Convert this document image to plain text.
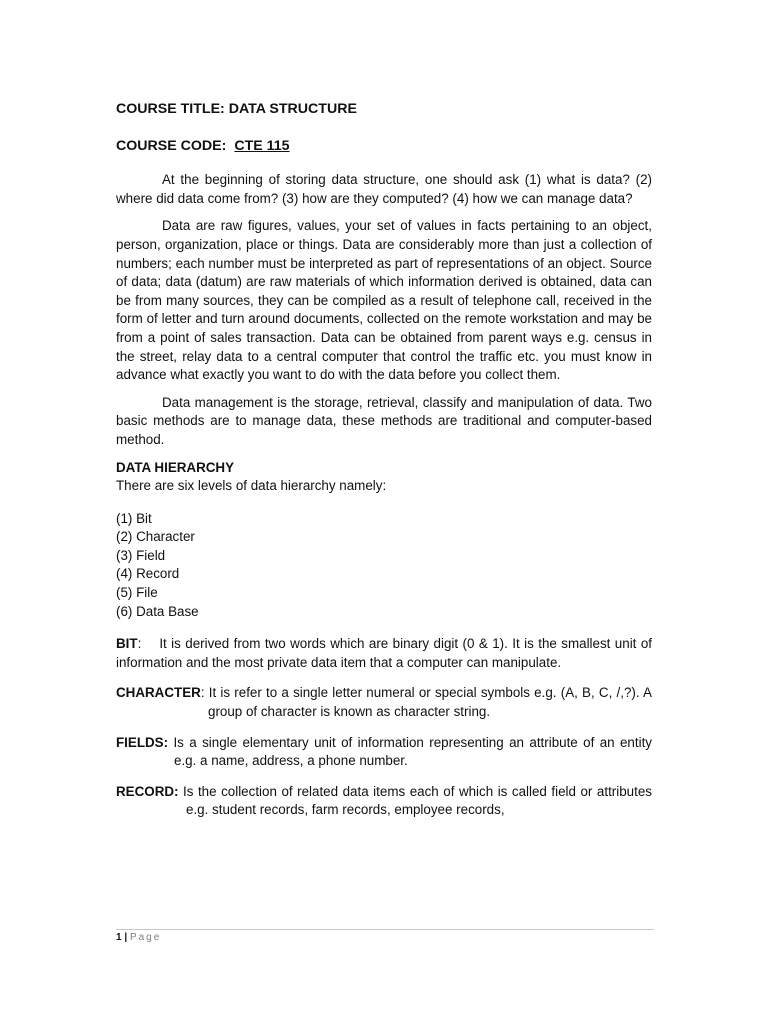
COURSE TITLE: DATA STRUCTURE
COURSE CODE: CTE 115

At the beginning of storing data structure, one should ask (1) what is data? (2) where did data come from? (3) how are they computed? (4) how we can manage data?

Data are raw figures, values, your set of values in facts pertaining to an object, person, organization, place or things. Data are considerably more than just a collection of numbers; each number must be interpreted as part of representations of an object. Source of data; data (datum) are raw materials of which information derived is obtained, data can be from many sources, they can be compiled as a result of telephone call, received in the form of letter and turn around documents, collected on the remote workstation and may be from a point of sales transaction. Data can be obtained from parent ways e.g. census in the street, relay data to a central computer that control the traffic etc. you must know in advance what exactly you want to do with the data before you collect them.

Data management is the storage, retrieval, classify and manipulation of data. Two basic methods are to manage data, these methods are traditional and computer-based method.

DATA HIERARCHY
There are six levels of data hierarchy namely:
(1) Bit
(2) Character
(3) Field
(4) Record
(5) File
(6) Data Base

BIT: It is derived from two words which are binary digit (0 & 1). It is the smallest unit of information and the most private data item that a computer can manipulate.

CHARACTER: It is refer to a single letter numeral or special symbols e.g. (A, B, C, /,?). A group of character is known as character string.

FIELDS: Is a single elementary unit of information representing an attribute of an entity e.g. a name, address, a phone number.

RECORD: Is the collection of related data items each of which is called field or attributes e.g. student records, farm records, employee records,

1 | Page
